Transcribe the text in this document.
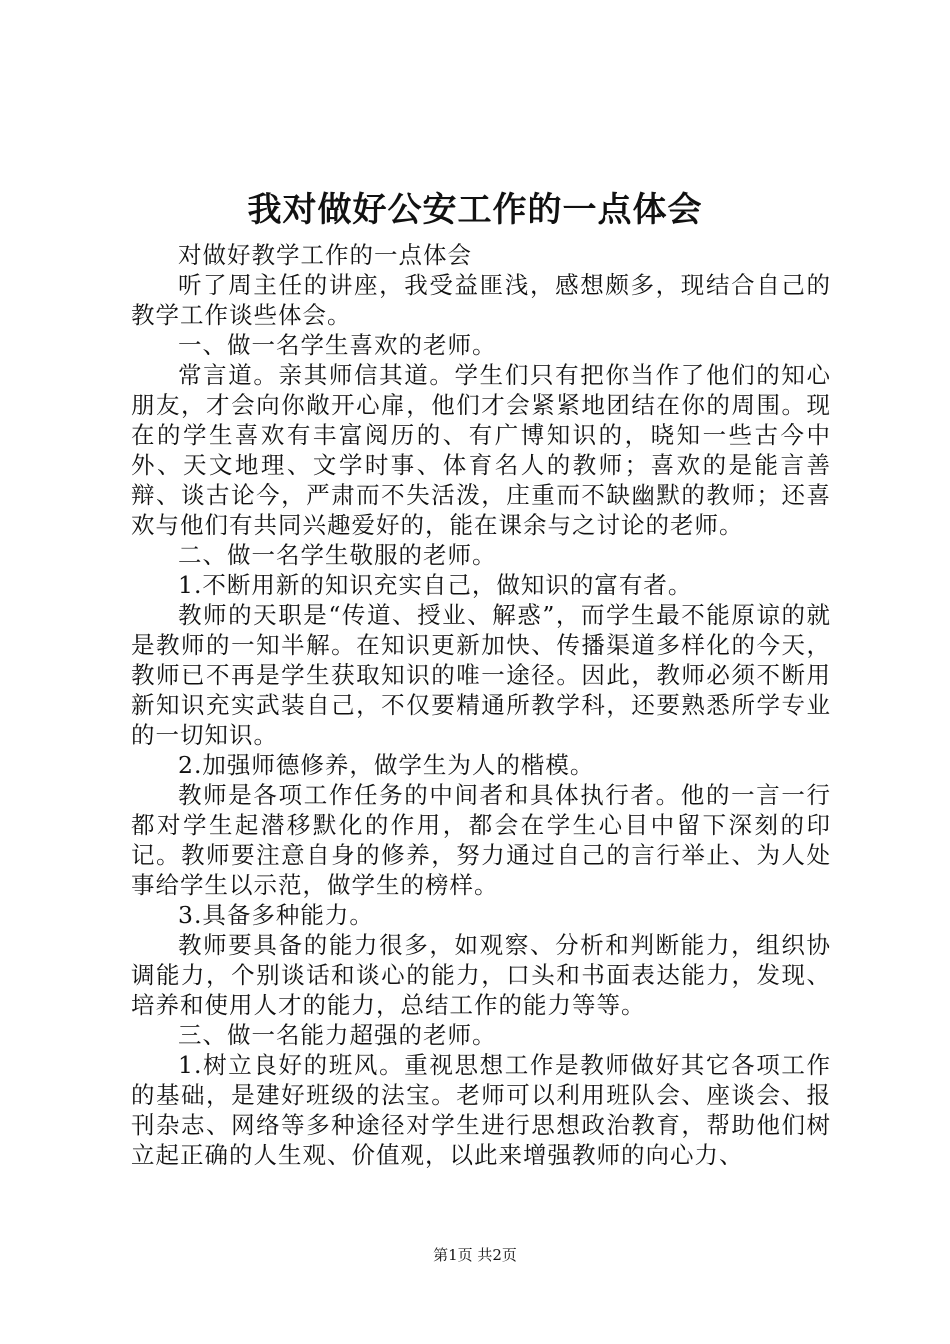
我对做好公安工作的一点体会

对做好教学工作的一点体会

听了周主任的讲座，我受益匪浅，感想颇多，现结合自己的教学工作谈些体会。

一、做一名学生喜欢的老师。

常言道。亲其师信其道。学生们只有把你当作了他们的知心朋友，才会向你敞开心扉，他们才会紧紧地团结在你的周围。现在的学生喜欢有丰富阅历的、有广博知识的，晓知一些古今中外、天文地理、文学时事、体育名人的教师；喜欢的是能言善辩、谈古论今，严肃而不失活泼，庄重而不缺幽默的教师；还喜欢与他们有共同兴趣爱好的，能在课余与之讨论的老师。

二、做一名学生敬服的老师。

1.不断用新的知识充实自己，做知识的富有者。

教师的天职是“传道、授业、解惑”，而学生最不能原谅的就是教师的一知半解。在知识更新加快、传播渠道多样化的今天，教师已不再是学生获取知识的唯一途径。因此，教师必须不断用新知识充实武装自己，不仅要精通所教学科，还要熟悉所学专业的一切知识。

2.加强师德修养，做学生为人的楷模。

教师是各项工作任务的中间者和具体执行者。他的一言一行都对学生起潜移默化的作用，都会在学生心目中留下深刻的印记。教师要注意自身的修养，努力通过自己的言行举止、为人处事给学生以示范，做学生的榜样。

3.具备多种能力。

教师要具备的能力很多，如观察、分析和判断能力，组织协调能力，个别谈话和谈心的能力，口头和书面表达能力，发现、培养和使用人才的能力，总结工作的能力等等。

三、做一名能力超强的老师。

1.树立良好的班风。重视思想工作是教师做好其它各项工作的基础，是建好班级的法宝。老师可以利用班队会、座谈会、报刊杂志、网络等多种途径对学生进行思想政治教育，帮助他们树立起正确的人生观、价值观，以此来增强教师的向心力、

第1页 共2页
